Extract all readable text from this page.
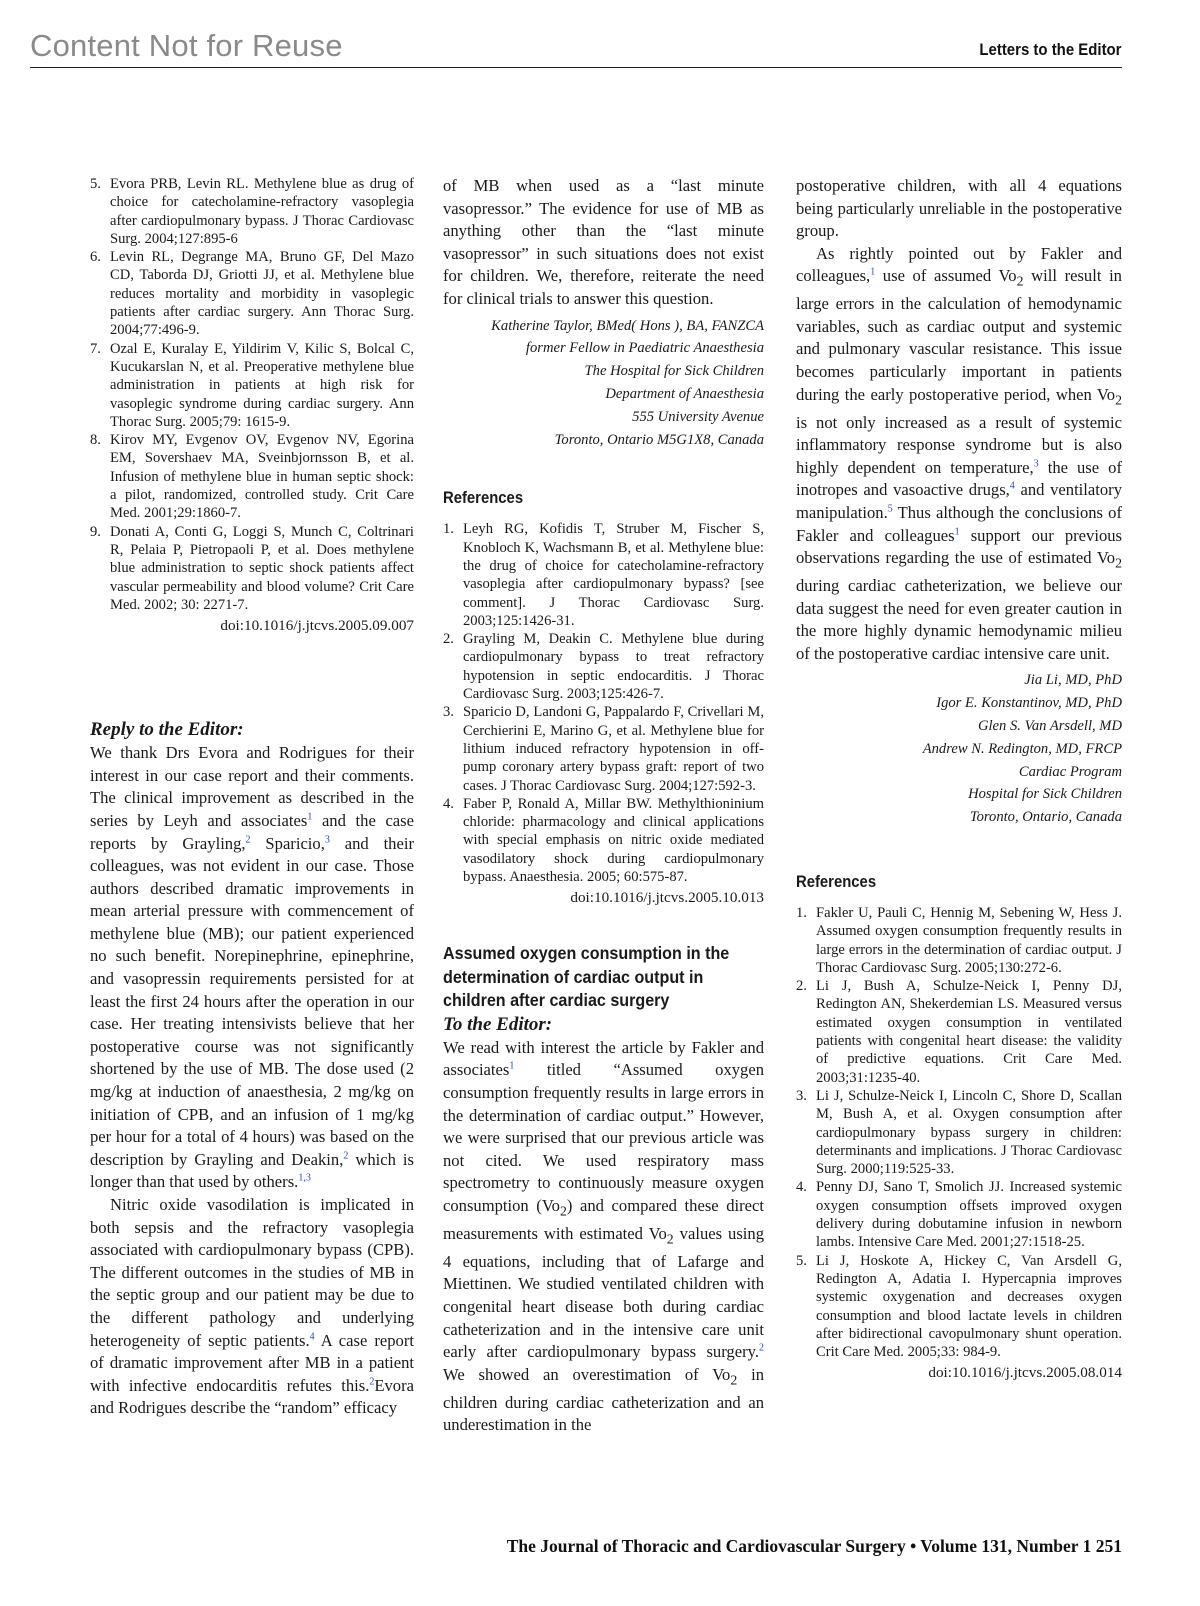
Content Not for Reuse	Letters to the Editor
5. Evora PRB, Levin RL. Methylene blue as drug of choice for catecholamine-refractory vasoplegia after cardiopulmonary bypass. J Thorac Cardiovasc Surg. 2004;127:895-6
6. Levin RL, Degrange MA, Bruno GF, Del Mazo CD, Taborda DJ, Griotti JJ, et al. Methylene blue reduces mortality and morbidity in vasoplegic patients after cardiac surgery. Ann Thorac Surg. 2004;77:496-9.
7. Ozal E, Kuralay E, Yildirim V, Kilic S, Bolcal C, Kucukarslan N, et al. Preoperative methylene blue administration in patients at high risk for vasoplegic syndrome during cardiac surgery. Ann Thorac Surg. 2005;79: 1615-9.
8. Kirov MY, Evgenov OV, Evgenov NV, Egorina EM, Sovershaev MA, Sveinbjornsson B, et al. Infusion of methylene blue in human septic shock: a pilot, randomized, controlled study. Crit Care Med. 2001;29:1860-7.
9. Donati A, Conti G, Loggi S, Munch C, Coltrinari R, Pelaia P, Pietropaoli P, et al. Does methylene blue administration to septic shock patients affect vascular permeability and blood volume? Crit Care Med. 2002; 30: 2271-7.
doi:10.1016/j.jtcvs.2005.09.007

Reply to the Editor:

We thank Drs Evora and Rodrigues for their interest in our case report and their comments. The clinical improvement as described in the series by Leyh and associates$^1$ and the case reports by Grayling,$^2$ Sparicio,$^3$ and their colleagues, was not evident in our case. Those authors described dramatic improvements in mean arterial pressure with commencement of methylene blue (MB); our patient experienced no such benefit. Norepinephrine, epinephrine, and vasopressin requirements persisted for at least the first 24 hours after the operation in our case. Her treating intensivists believe that her postoperative course was not significantly shortened by the use of MB. The dose used (2 mg/kg at induction of anaesthesia, 2 mg/kg on initiation of CPB, and an infusion of 1 mg/kg per hour for a total of 4 hours) was based on the description by Grayling and Deakin,$^2$ which is longer than that used by others.$^{1,3}$

Nitric oxide vasodilation is implicated in both sepsis and the refractory vasoplegia associated with cardiopulmonary bypass (CPB). The different outcomes in the studies of MB in the septic group and our patient may be due to the different pathology and underlying heterogeneity of septic patients.$^4$ A case report of dramatic improvement after MB in a patient with infective endocarditis refutes this.$^2$Evora and Rodrigues describe the “random” efficacy

of MB when used as a “last minute vasopressor.” The evidence for use of MB as anything other than the “last minute vasopressor” in such situations does not exist for children. We, therefore, reiterate the need for clinical trials to answer this question.

Katherine Taylor, BMed( Hons ), BA, FANZCA

former Fellow in Paediatric Anaesthesia

The Hospital for Sick Children

Department of Anaesthesia

555 University Avenue

Toronto, Ontario M5G1X8, Canada

References

1. Leyh RG, Kofidis T, Struber M, Fischer S, Knobloch K, Wachsmann B, et al. Methylene blue: the drug of choice for catecholamine-refractory vasoplegia after cardiopulmonary bypass? [see comment]. J Thorac Cardiovasc Surg. 2003;125:1426-31.
2. Grayling M, Deakin C. Methylene blue during cardiopulmonary bypass to treat refractory hypotension in septic endocarditis. J Thorac Cardiovasc Surg. 2003;125:426-7.
3. Sparicio D, Landoni G, Pappalardo F, Crivellari M, Cerchierini E, Marino G, et al. Methylene blue for lithium induced refractory hypotension in off-pump coronary artery bypass graft: report of two cases. J Thorac Cardiovasc Surg. 2004;127:592-3.
4. Faber P, Ronald A, Millar BW. Methylthioninium chloride: pharmacology and clinical applications with special emphasis on nitric oxide mediated vasodilatory shock during cardiopulmonary bypass. Anaesthesia. 2005; 60:575-87.
doi:10.1016/j.jtcvs.2005.10.013

Assumed oxygen consumption in the determination of cardiac output in children after cardiac surgery

To the Editor:

We read with interest the article by Fakler and associates$^1$ titled “Assumed oxygen consumption frequently results in large errors in the determination of cardiac output.” However, we were surprised that our previous article was not cited. We used respiratory mass spectrometry to continuously measure oxygen consumption $(Vo_2)$ and compared these direct measurements with estimated $Vo_2$ values using 4 equations, including that of Lafarge and Miettinen. We studied ventilated children with congenital heart disease both during cardiac catheterization and in the intensive care unit early after cardiopulmonary bypass surgery.$^2$ We showed an overestimation of $Vo_2$ in children during cardiac catheterization and an underestimation in the

postoperative children, with all 4 equations being particularly unreliable in the postoperative group.

As rightly pointed out by Fakler and colleagues,$^1$ use of assumed $Vo_2$ will result in large errors in the calculation of hemodynamic variables, such as cardiac output and systemic and pulmonary vascular resistance. This issue becomes particularly important in patients during the early postoperative period, when $Vo_2$ is not only increased as a result of systemic inflammatory response syndrome but is also highly dependent on temperature,$^3$ the use of inotropes and vasoactive drugs,$^4$ and ventilatory manipulation.$^5$ Thus although the conclusions of Fakler and colleagues$^1$ support our previous observations regarding the use of estimated $Vo_2$ during cardiac catheterization, we believe our data suggest the need for even greater caution in the more highly dynamic hemodynamic milieu of the postoperative cardiac intensive care unit.

Jia Li, MD, PhD

Igor E. Konstantinov, MD, PhD

Glen S. Van Arsdell, MD

Andrew N. Redington, MD, FRCP

Cardiac Program

Hospital for Sick Children

Toronto, Ontario, Canada

References

1. Fakler U, Pauli C, Hennig M, Sebening W, Hess J. Assumed oxygen consumption frequently results in large errors in the determination of cardiac output. J Thorac Cardiovasc Surg. 2005;130:272-6.
2. Li J, Bush A, Schulze-Neick I, Penny DJ, Redington AN, Shekerdemian LS. Measured versus estimated oxygen consumption in ventilated patients with congenital heart disease: the validity of predictive equations. Crit Care Med. 2003;31:1235-40.
3. Li J, Schulze-Neick I, Lincoln C, Shore D, Scallan M, Bush A, et al. Oxygen consumption after cardiopulmonary bypass surgery in children: determinants and implications. J Thorac Cardiovasc Surg. 2000;119:525-33.
4. Penny DJ, Sano T, Smolich JJ. Increased systemic oxygen consumption offsets improved oxygen delivery during dobutamine infusion in newborn lambs. Intensive Care Med. 2001;27:1518-25.
5. Li J, Hoskote A, Hickey C, Van Arsdell G, Redington A, Adatia I. Hypercapnia improves systemic oxygenation and decreases oxygen consumption and blood lactate levels in children after bidirectional cavopulmonary shunt operation. Crit Care Med. 2005;33: 984-9.
doi:10.1016/j.jtcvs.2005.08.014
The Journal of Thoracic and Cardiovascular Surgery • Volume 131, Number 1 251
